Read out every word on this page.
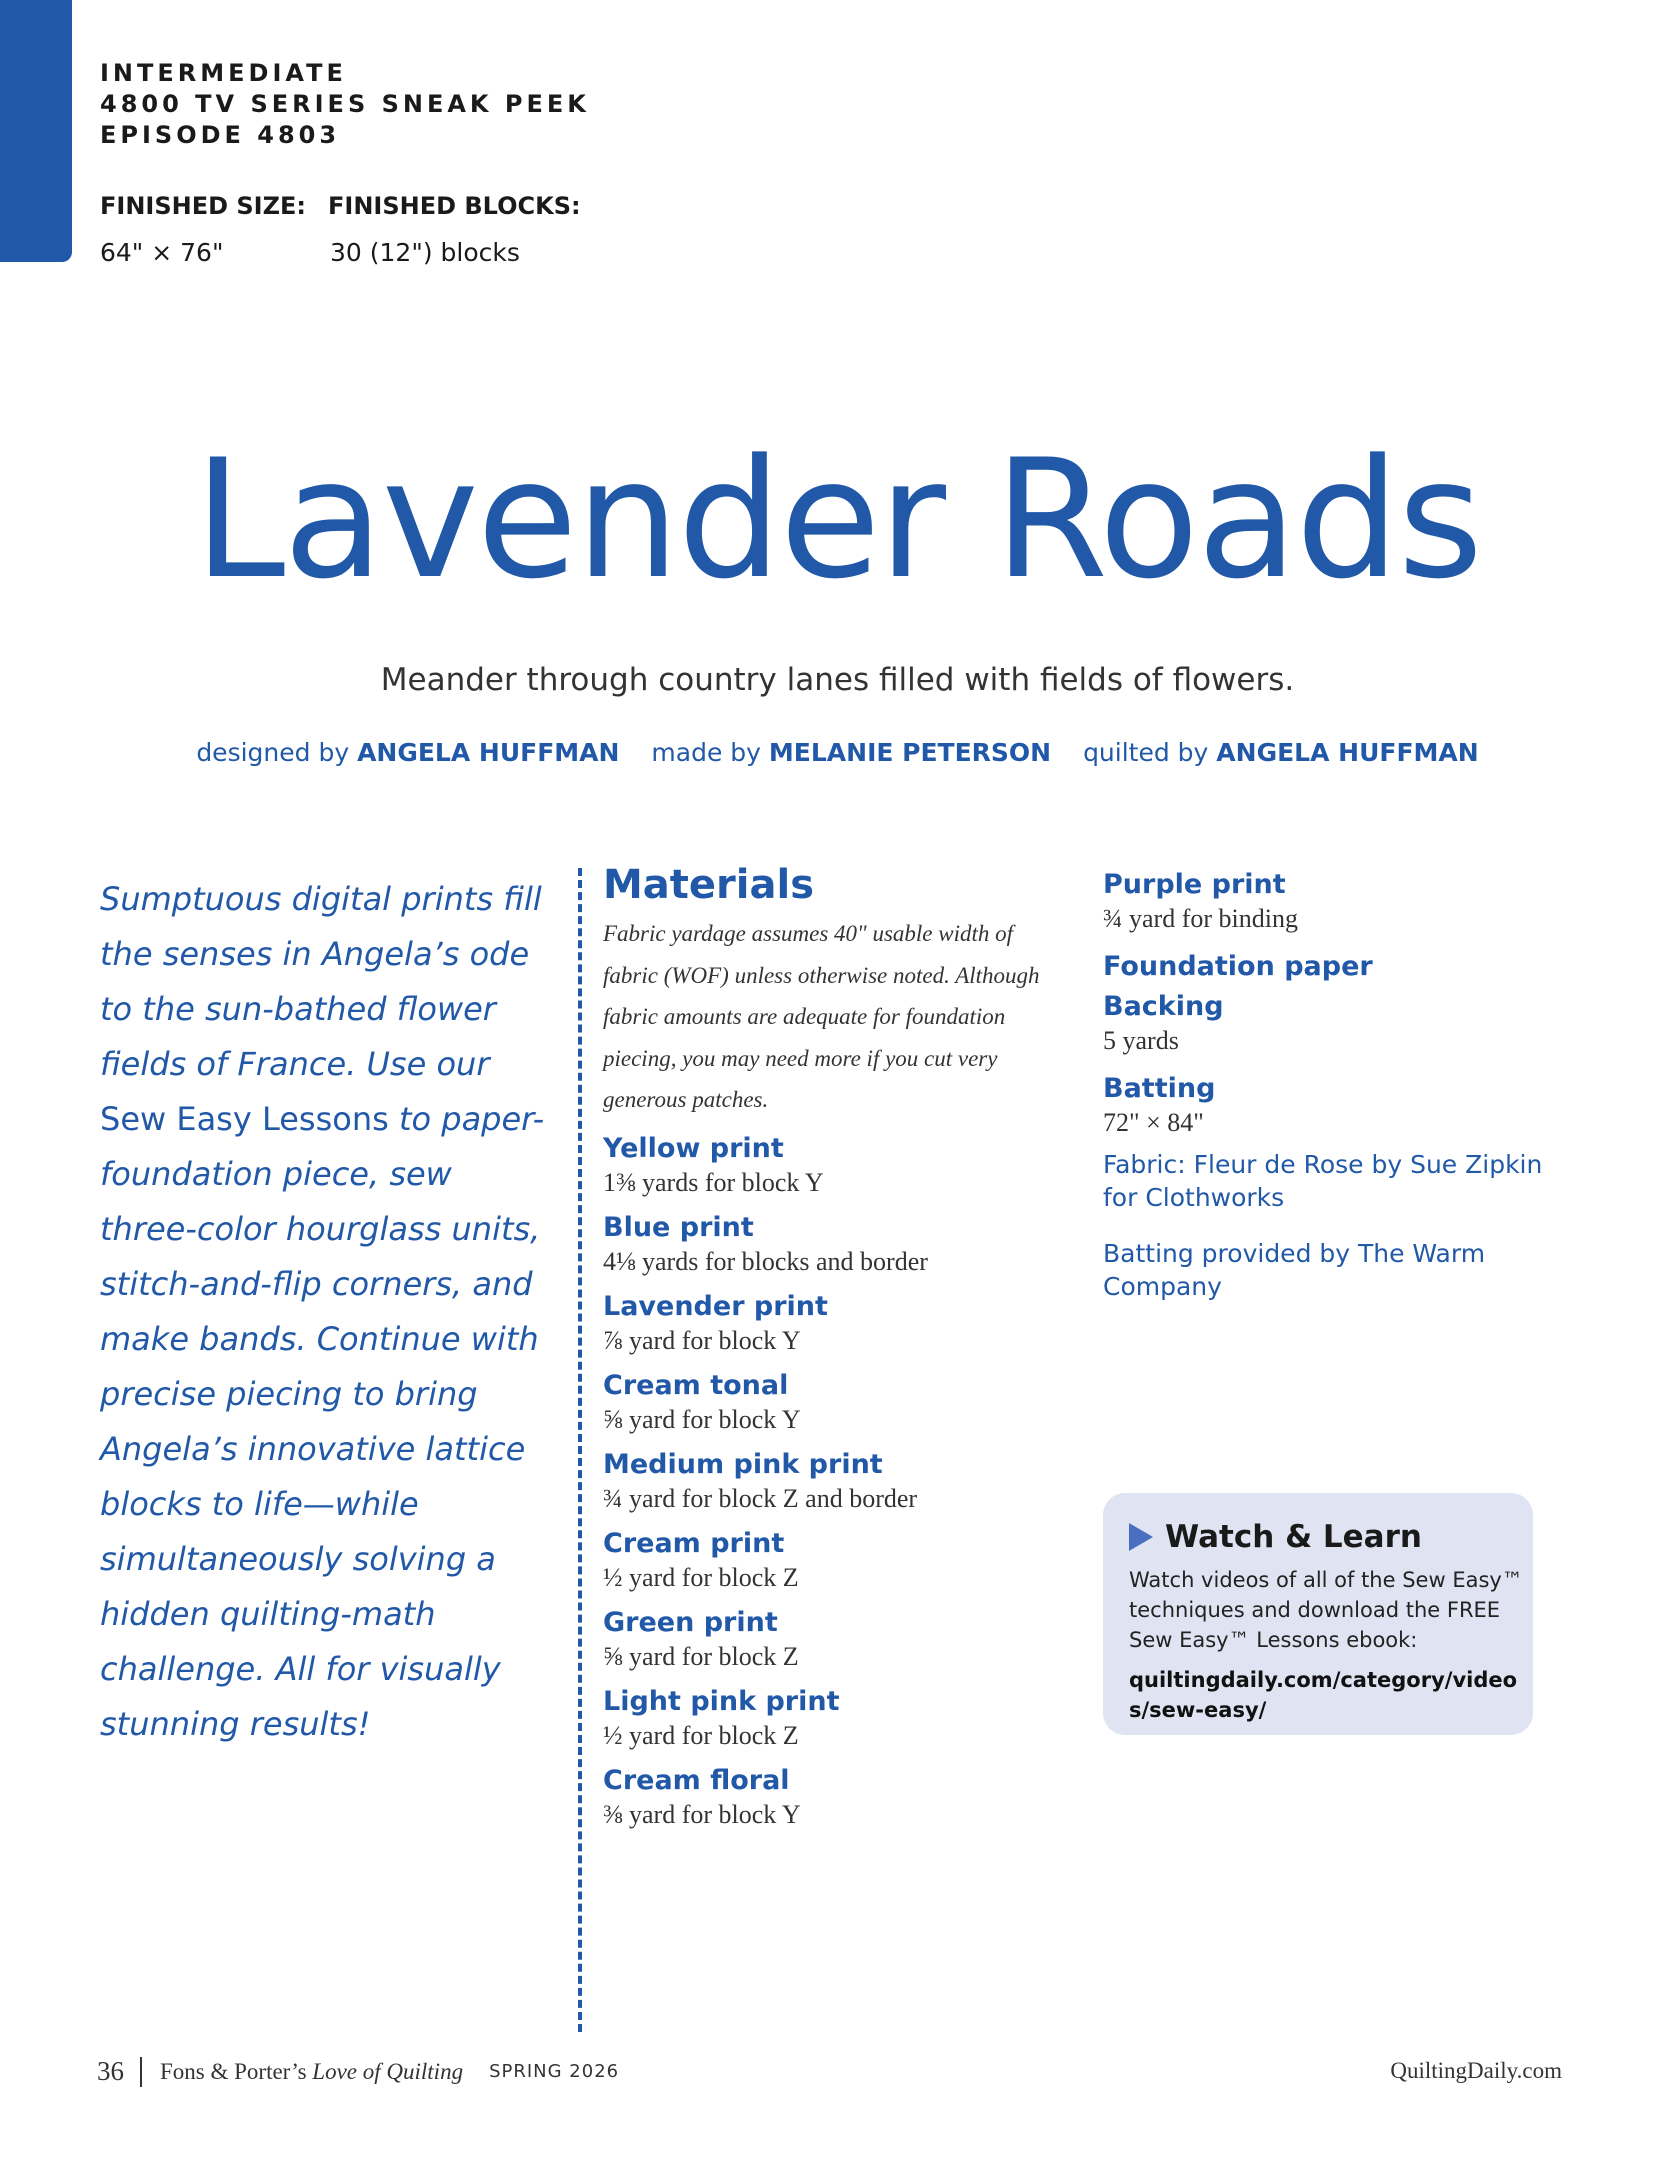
INTERMEDIATE
4800 TV SERIES SNEAK PEEK
EPISODE 4803
FINISHED SIZE:
64" × 76"
FINISHED BLOCKS:
30 (12") blocks
Lavender Roads
Meander through country lanes filled with fields of flowers.
designed by ANGELA HUFFMAN made by MELANIE PETERSON quilted by ANGELA HUFFMAN
Sumptuous digital prints fill the senses in Angela’s ode to the sun-bathed flower fields of France. Use our Sew Easy Lessons to paper-foundation piece, sew three-color hourglass units, stitch-and-flip corners, and make bands. Continue with precise piecing to bring Angela’s innovative lattice blocks to life—while simultaneously solving a hidden quilting-math challenge. All for visually stunning results!
Materials
Fabric yardage assumes 40" usable width of fabric (WOF) unless otherwise noted. Although fabric amounts are adequate for foundation piecing, you may need more if you cut very generous patches.
Yellow print
1⅜ yards for block Y
Blue print
4⅛ yards for blocks and border
Lavender print
⅞ yard for block Y
Cream tonal
⅝ yard for block Y
Medium pink print
¾ yard for block Z and border
Cream print
½ yard for block Z
Green print
⅝ yard for block Z
Light pink print
½ yard for block Z
Cream floral
⅜ yard for block Y
Purple print
¾ yard for binding
Foundation paper
Backing
5 yards
Batting
72" × 84"
Fabric: Fleur de Rose by Sue Zipkin for Clothworks
Batting provided by The Warm Company
Watch & Learn
Watch videos of all of the Sew Easy™ techniques and download the FREE Sew Easy™ Lessons ebook:
quiltingdaily.com/category/videos/sew-easy/
36 Fons & Porter’s Love of Quilting SPRING 2026	QuiltingDaily.com
